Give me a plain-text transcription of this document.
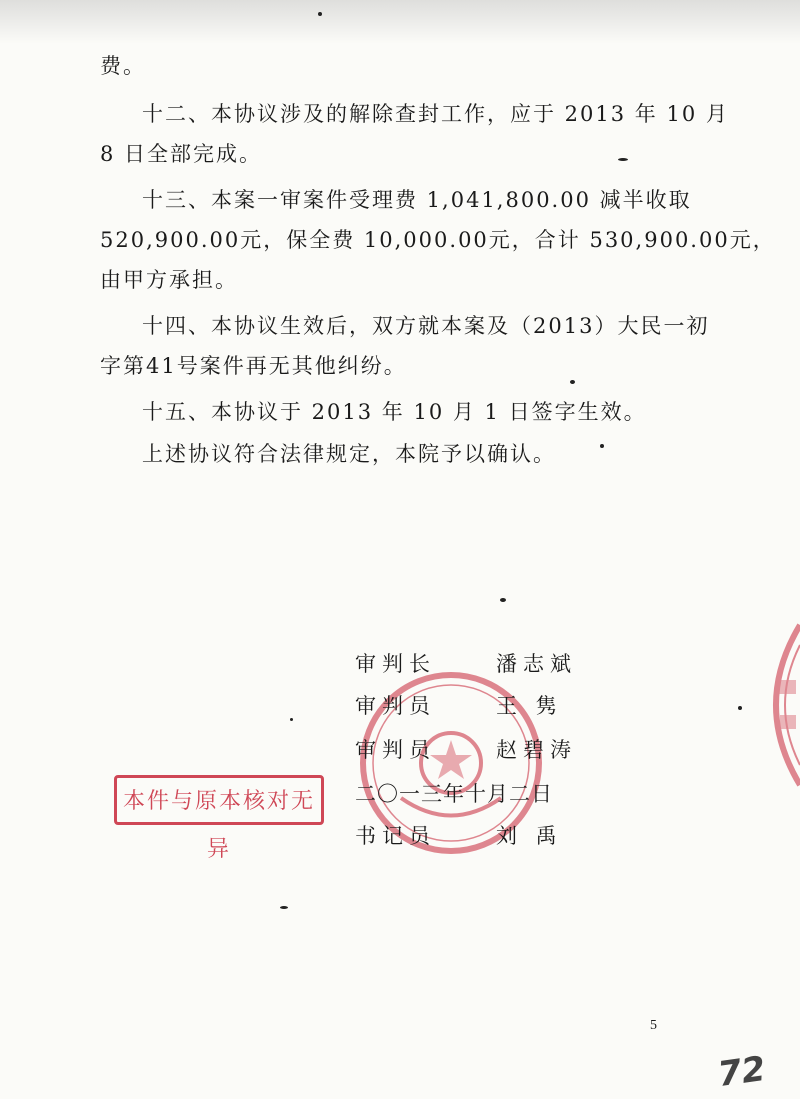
费。
十二、本协议涉及的解除查封工作，应于 2013 年 10 月
8 日全部完成。
十三、本案一审案件受理费 1,041,800.00 减半收取
520,900.00元，保全费 10,000.00元，合计 530,900.00元，
由甲方承担。
十四、本协议生效后，双方就本案及（2013）大民一初
字第41号案件再无其他纠纷。
十五、本协议于 2013 年 10 月 1 日签字生效。
上述协议符合法律规定，本院予以确认。
审判长	潘志斌
审判员	王 隽
审判员	赵碧涛
二〇一三年十月二日
书记员	刘 禹
本件与原本核对无异
5
72
